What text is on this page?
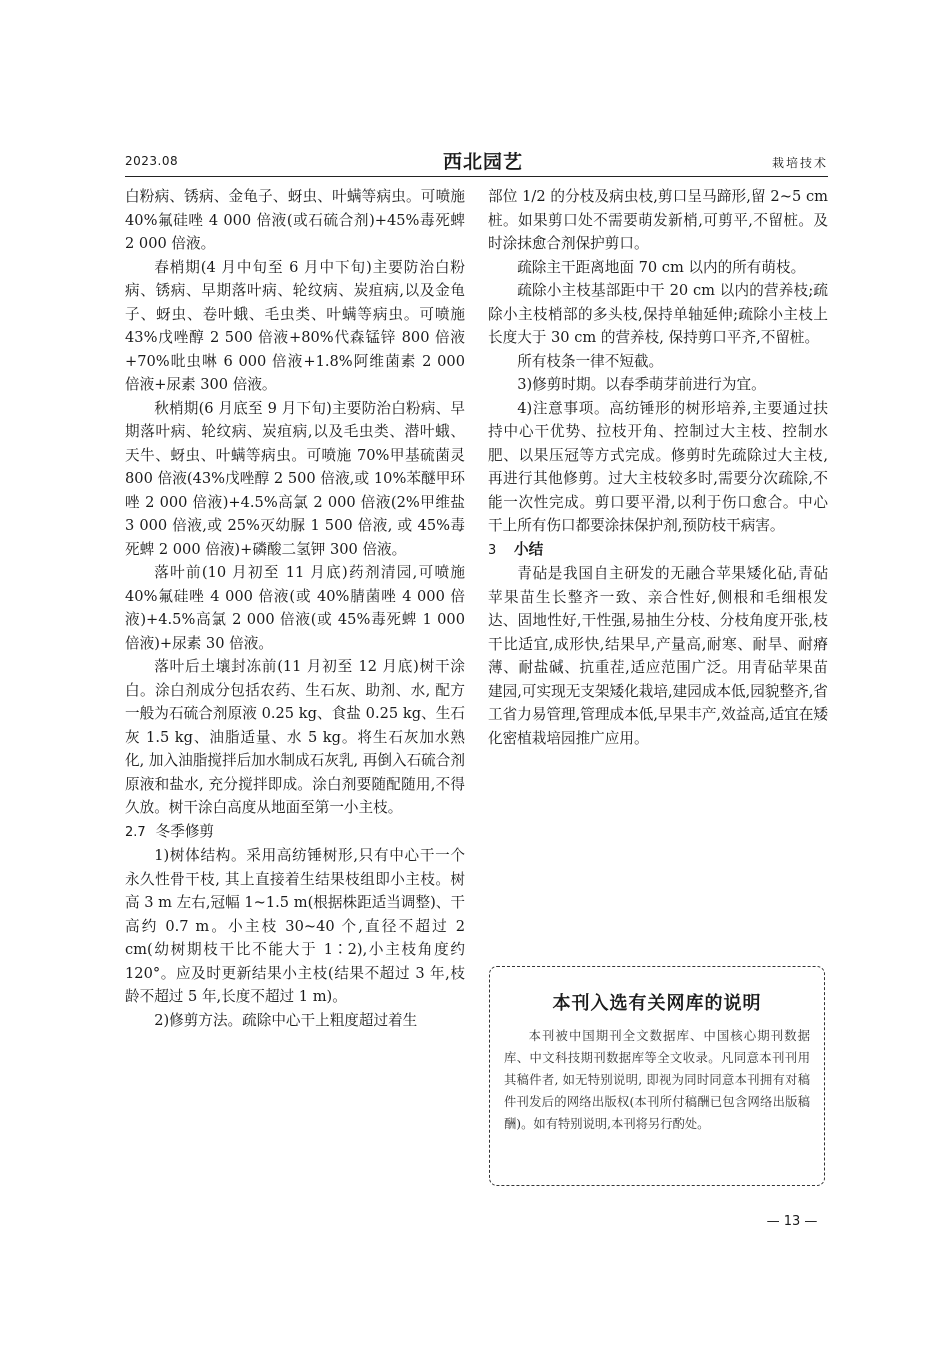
2023.08	西北园艺	栽培技术

白粉病、锈病、金龟子、蚜虫、叶螨等病虫。可喷施 40%氟硅唑 4 000 倍液(或石硫合剂)+45%毒死蜱 2 000 倍液。

春梢期(4 月中旬至 6 月中下旬)主要防治白粉病、锈病、早期落叶病、轮纹病、炭疽病,以及金龟子、蚜虫、卷叶蛾、毛虫类、叶螨等病虫。可喷施 43%戊唑醇 2 500 倍液+80%代森锰锌 800 倍液+70%吡虫啉 6 000 倍液+1.8%阿维菌素 2 000 倍液+尿素 300 倍液。

秋梢期(6 月底至 9 月下旬)主要防治白粉病、早期落叶病、轮纹病、炭疽病,以及毛虫类、潜叶蛾、天牛、蚜虫、叶螨等病虫。可喷施 70%甲基硫菌灵 800 倍液(43%戊唑醇 2 500 倍液,或 10%苯醚甲环唑 2 000 倍液)+4.5%高氯 2 000 倍液(2%甲维盐 3 000 倍液,或 25%灭幼脲 1 500 倍液, 或 45%毒死蜱 2 000 倍液)+磷酸二氢钾 300 倍液。

落叶前(10 月初至 11 月底)药剂清园,可喷施 40%氟硅唑 4 000 倍液(或 40%腈菌唑 4 000 倍液)+4.5%高氯 2 000 倍液(或 45%毒死蜱 1 000 倍液)+尿素 30 倍液。

落叶后土壤封冻前(11 月初至 12 月底)树干涂白。涂白剂成分包括农药、生石灰、助剂、水, 配方一般为石硫合剂原液 0.25 kg、食盐 0.25 kg、生石灰 1.5 kg、油脂适量、水 5 kg。将生石灰加水熟化, 加入油脂搅拌后加水制成石灰乳, 再倒入石硫合剂原液和盐水, 充分搅拌即成。涂白剂要随配随用,不得久放。树干涂白高度从地面至第一小主枝。

2.7 冬季修剪

1)树体结构。采用高纺锤树形,只有中心干一个永久性骨干枝, 其上直接着生结果枝组即小主枝。树高 3 m 左右,冠幅 1~1.5 m(根据株距适当调整)、干高约 0.7 m。小主枝 30~40 个,直径不超过 2 cm(幼树期枝干比不能大于 1∶2),小主枝角度约 120°。应及时更新结果小主枝(结果不超过 3 年,枝龄不超过 5 年,长度不超过 1 m)。

2)修剪方法。疏除中心干上粗度超过着生

部位 1/2 的分枝及病虫枝,剪口呈马蹄形,留 2~5 cm 桩。如果剪口处不需要萌发新梢,可剪平,不留桩。及时涂抹愈合剂保护剪口。

疏除主干距离地面 70 cm 以内的所有萌枝。

疏除小主枝基部距中干 20 cm 以内的营养枝;疏除小主枝梢部的多头枝,保持单轴延伸;疏除小主枝上长度大于 30 cm 的营养枝, 保持剪口平齐,不留桩。

所有枝条一律不短截。

3)修剪时期。以春季萌芽前进行为宜。

4)注意事项。高纺锤形的树形培养,主要通过扶持中心干优势、拉枝开角、控制过大主枝、控制水肥、以果压冠等方式完成。修剪时先疏除过大主枝,再进行其他修剪。过大主枝较多时,需要分次疏除,不能一次性完成。剪口要平滑,以利于伤口愈合。中心干上所有伤口都要涂抹保护剂,预防枝干病害。

3 小结

青砧是我国自主研发的无融合苹果矮化砧,青砧苹果苗生长整齐一致、亲合性好,侧根和毛细根发达、固地性好,干性强,易抽生分枝、分枝角度开张,枝干比适宜,成形快,结果早,产量高,耐寒、耐旱、耐瘠薄、耐盐碱、抗重茬,适应范围广泛。用青砧苹果苗建园,可实现无支架矮化栽培,建园成本低,园貌整齐,省工省力易管理,管理成本低,早果丰产,效益高,适宜在矮化密植栽培园推广应用。

本刊入选有关网库的说明
本刊被中国期刊全文数据库、中国核心期刊数据库、中文科技期刊数据库等全文收录。凡同意本刊刊用其稿件者, 如无特别说明, 即视为同时同意本刊拥有对稿件刊发后的网络出版权(本刊所付稿酬已包含网络出版稿酬)。如有特别说明,本刊将另行酌处。
— 13 —
